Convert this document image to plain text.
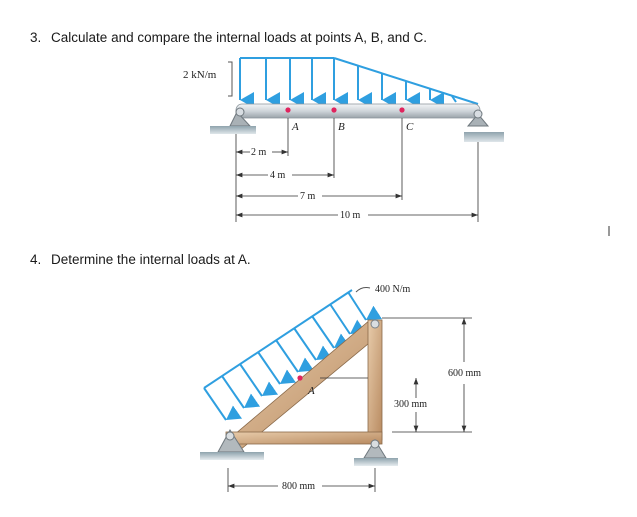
3. Calculate and compare the internal loads at points A, B, and C.
2 kN/m
A	B	C
2 m
4 m
7 m
10 m
4. Determine the internal loads at A.
400 N/m
A
300 mm
600 mm
800 mm
